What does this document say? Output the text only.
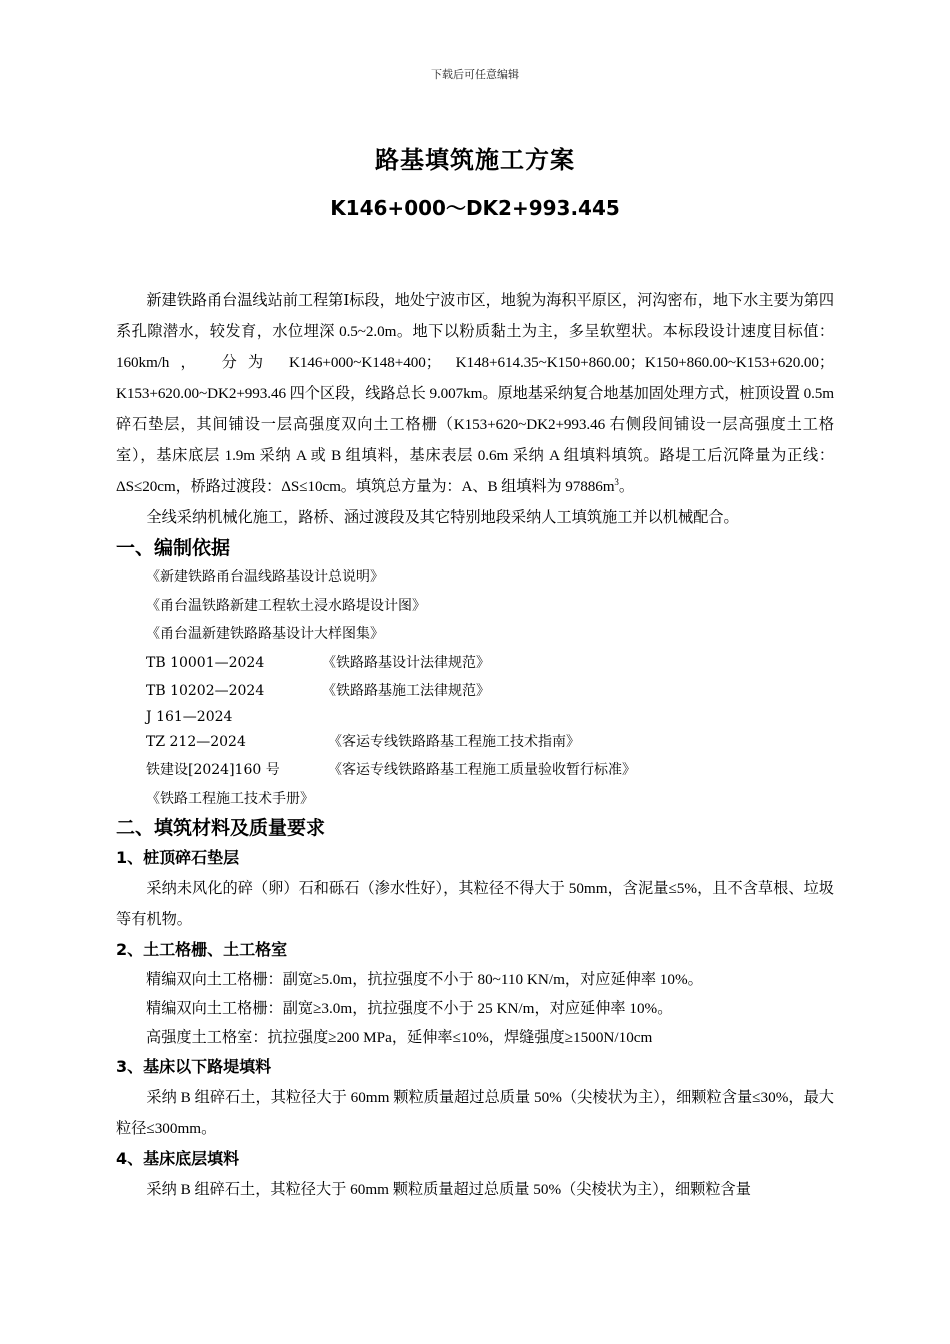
下载后可任意编辑
路基填筑施工方案
K146+000～DK2+993.445

新建铁路甬台温线站前工程第Ⅰ标段，地处宁波市区，地貌为海积平原区，河沟密布，地下水主要为第四系孔隙潜水，较发育，水位埋深 0.5~2.0m。地下以粉质黏土为主，多呈软塑状。本标段设计速度目标值： 160km/h， 分为 K146+000~K148+400； K148+614.35~K150+860.00；K150+860.00~K153+620.00；K153+620.00~DK2+993.46 四个区段，线路总长 9.007km。原地基采纳复合地基加固处理方式，桩顶设置 0.5m 碎石垫层，其间铺设一层高强度双向土工格栅（K153+620~DK2+993.46 右侧段间铺设一层高强度土工格室），基床底层 1.9m 采纳 A 或 B 组填料，基床表层 0.6m 采纳 A 组填料填筑。路堤工后沉降量为正线： ΔS≤20cm，桥路过渡段：ΔS≤10cm。填筑总方量为：A、B 组填料为 $97886m^3$。

全线采纳机械化施工，路桥、涵过渡段及其它特别地段采纳人工填筑施工并以机械配合。

一、编制依据
《新建铁路甬台温线路基设计总说明》
《甬台温铁路新建工程软土浸水路堤设计图》
《甬台温新建铁路路基设计大样图集》
TB 10001—2024	《铁路路基设计法律规范》
TB 10202—2024	《铁路路基施工法律规范》
J 161—2024
TZ 212—2024	《客运专线铁路路基工程施工技术指南》
铁建设[2024]160 号	《客运专线铁路路基工程施工质量验收暂行标准》
《铁路工程施工技术手册》
二、填筑材料及质量要求
1、桩顶碎石垫层

采纳未风化的碎（卵）石和砾石（渗水性好），其粒径不得大于 50mm，含泥量≤5%，且不含草根、垃圾等有机物。

2、土工格栅、土工格室
精编双向土工格栅：副宽≥5.0m，抗拉强度不小于 80~110 KN/m，对应延伸率 10%。
精编双向土工格栅：副宽≥3.0m，抗拉强度不小于 25 KN/m，对应延伸率 10%。
高强度土工格室：抗拉强度≥200 MPa，延伸率≤10%，焊缝强度≥1500N/10cm
3、基床以下路堤填料

采纳 B 组碎石土，其粒径大于 60mm 颗粒质量超过总质量 50%（尖棱状为主），细颗粒含量≤30%，最大粒径≤300mm。

4、基床底层填料

采纳 B 组碎石土，其粒径大于 60mm 颗粒质量超过总质量 50%（尖棱状为主），细颗粒含量
